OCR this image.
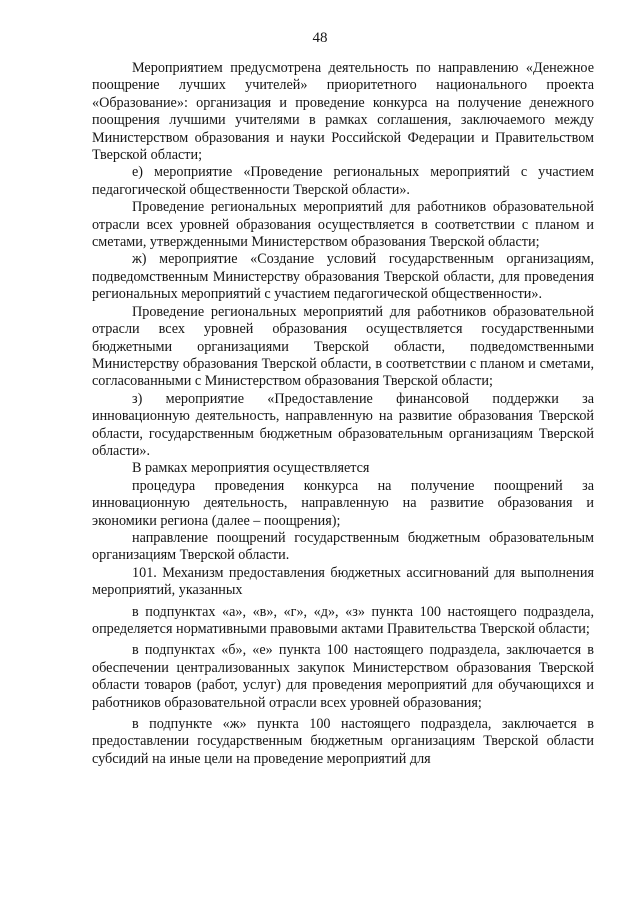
48

Мероприятием предусмотрена деятельность по направлению «Денежное поощрение лучших учителей» приоритетного национального проекта «Образование»: организация и проведение конкурса на получение денежного поощрения лучшими учителями в рамках соглашения, заключаемого между Министерством образования и науки Российской Федерации и Правительством Тверской области;

е) мероприятие «Проведение региональных мероприятий с участием педагогической общественности Тверской области».

Проведение региональных мероприятий для работников образовательной отрасли всех уровней образования осуществляется в соответствии с планом и сметами, утвержденными Министерством образования Тверской области;

ж) мероприятие «Создание условий государственным организациям, подведомственным Министерству образования Тверской области, для проведения региональных мероприятий с участием педагогической общественности».

Проведение региональных мероприятий для работников образовательной отрасли всех уровней образования осуществляется государственными бюджетными организациями Тверской области, подведомственными Министерству образования Тверской области, в соответствии с планом и сметами, согласованными с Министерством образования Тверской области;

з) мероприятие «Предоставление финансовой поддержки за инновационную деятельность, направленную на развитие образования Тверской области, государственным бюджетным образовательным организациям Тверской области».

В рамках мероприятия осуществляется

процедура проведения конкурса на получение поощрений за инновационную деятельность, направленную на развитие образования и экономики региона (далее – поощрения);

направление поощрений государственным бюджетным образовательным организациям Тверской области.

101. Механизм предоставления бюджетных ассигнований для выполнения мероприятий, указанных

в подпунктах «а», «в», «г», «д», «з» пункта 100 настоящего подраздела, определяется нормативными правовыми актами Правительства Тверской области;

в подпунктах «б», «е» пункта 100 настоящего подраздела, заключается в обеспечении централизованных закупок Министерством образования Тверской области товаров (работ, услуг) для проведения мероприятий для обучающихся и работников образовательной отрасли всех уровней образования;

в подпункте «ж» пункта 100 настоящего подраздела, заключается в предоставлении государственным бюджетным организациям Тверской области субсидий на иные цели на проведение мероприятий для
